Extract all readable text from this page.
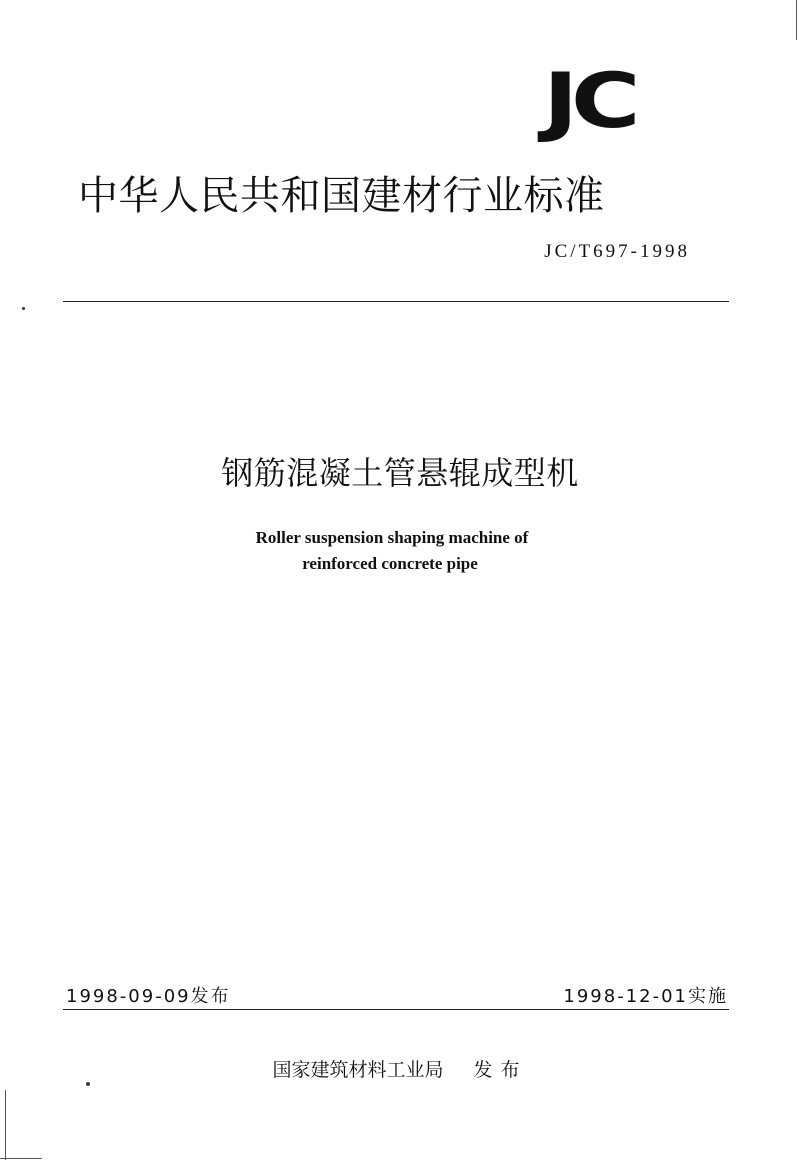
JC
中华人民共和国建材行业标准
JC/T697-1998
钢筋混凝土管悬辊成型机
Roller suspension shaping machine of
reinforced concrete pipe
1998-09-09发布	1998-12-01实施
国家建筑材料工业局 发布
